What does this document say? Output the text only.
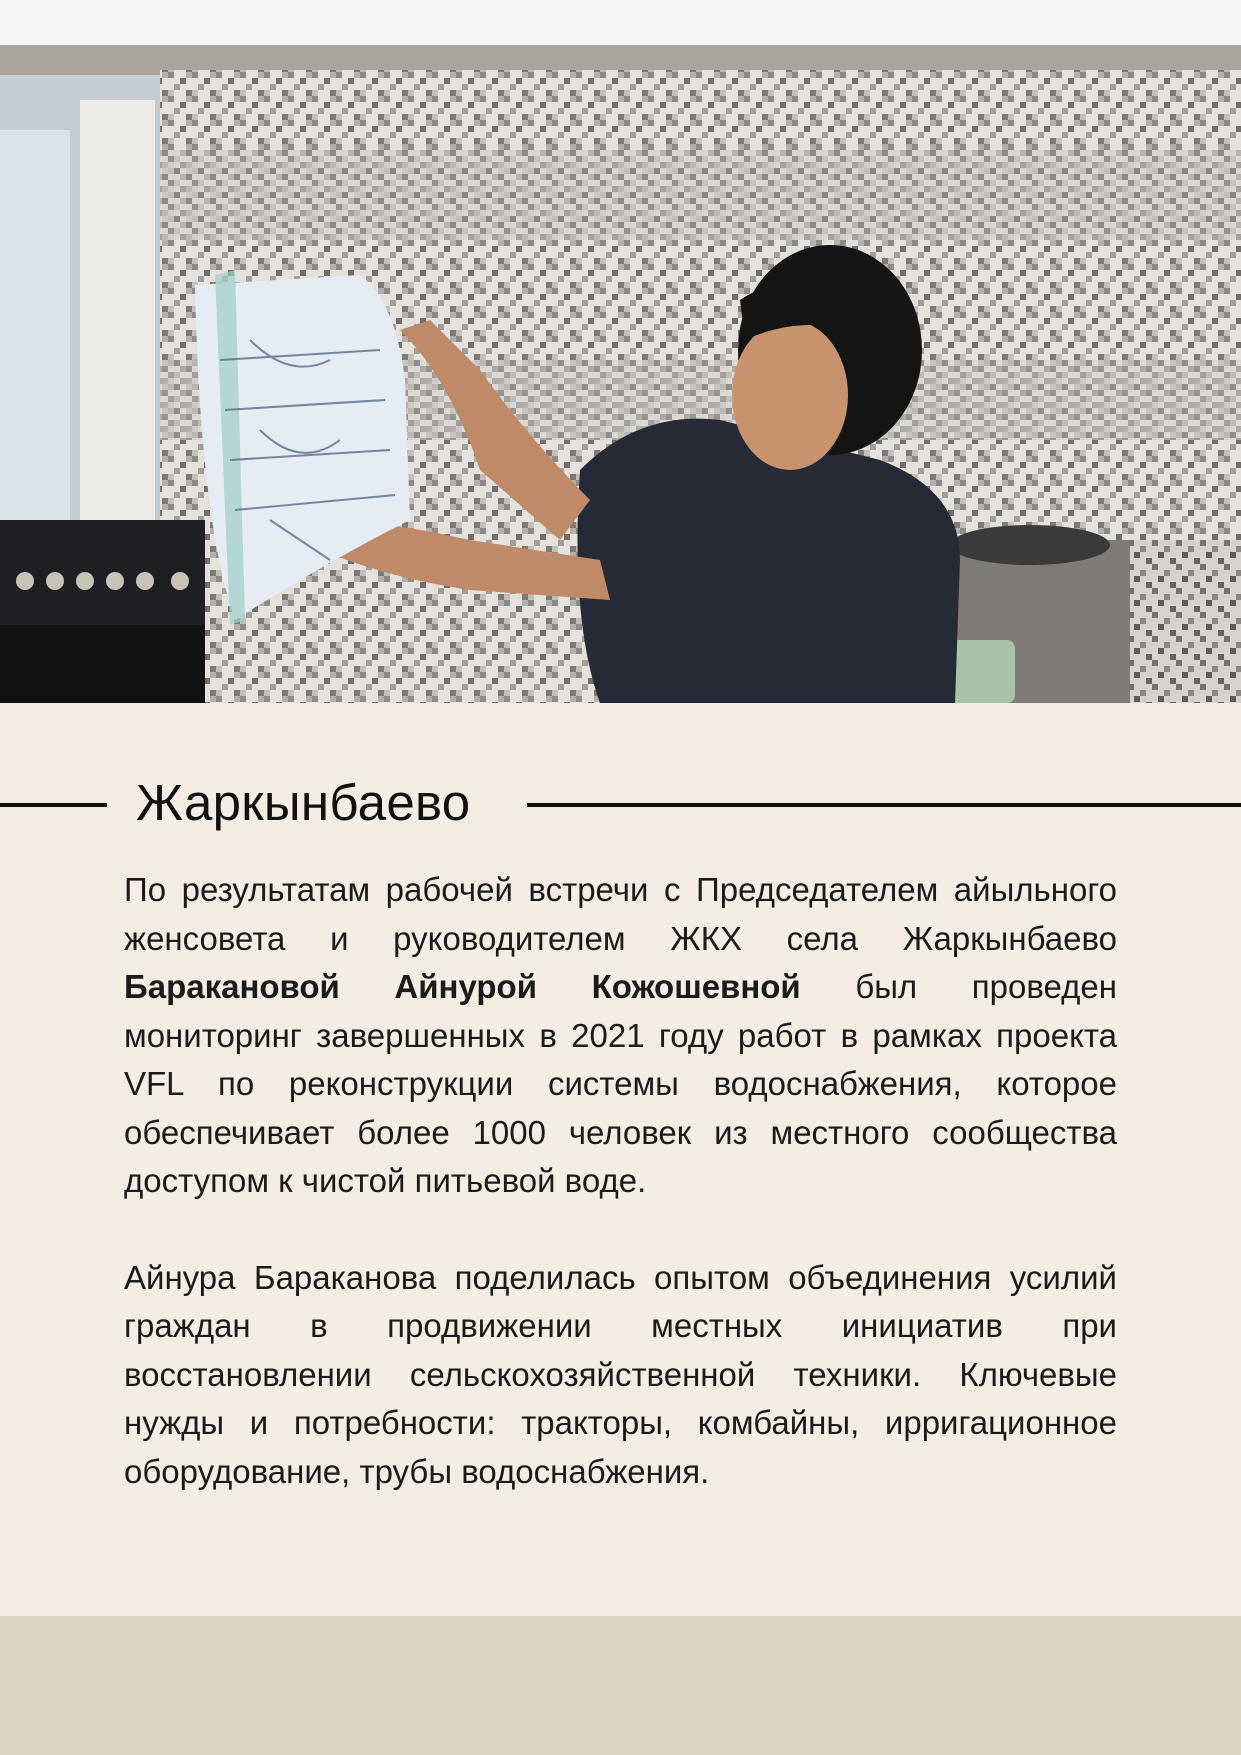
Жаркынбаево

По результатам рабочей встречи с Председателем айыльного женсовета и руководителем ЖКХ села Жаркынбаево Баракановой Айнурой Кожошевной был проведен мониторинг завершенных в 2021 году работ в рамках проекта VFL по реконструкции системы водоснабжения, которое обеспечивает более 1000 человек из местного сообщества доступом к чистой питьевой воде.

Айнура Бараканова поделилась опытом объединения усилий граждан в продвижении местных инициатив при восстановлении сельскохозяйственной техники. Ключевые нужды и потребности: тракторы, комбайны, ирригационное оборудование, трубы водоснабжения.
